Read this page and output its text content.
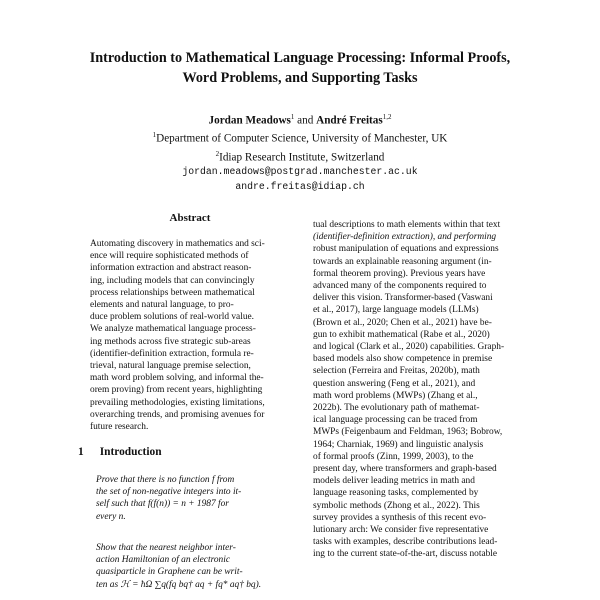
Introduction to Mathematical Language Processing: Informal Proofs,
Word Problems, and Supporting Tasks
Jordan Meadows$^1$ and André Freitas$^{1,2}$
$^1$Department of Computer Science, University of Manchester, UK
$^2$Idiap Research Institute, Switzerland
jordan.meadows@postgrad.manchester.ac.uk
andre.freitas@idiap.ch
Abstract
Automating discovery in mathematics and sci-
ence will require sophisticated methods of
information extraction and abstract reason-
ing, including models that can convincingly
process relationships between mathematical
elements and natural language, to pro-
duce problem solutions of real-world value.
We analyze mathematical language process-
ing methods across five strategic sub-areas
(identifier-definition extraction, formula re-
trieval, natural language premise selection,
math word problem solving, and informal the-
orem proving) from recent years, highlighting
prevailing methodologies, existing limitations,
overarching trends, and promising avenues for
future research.
1 Introduction
Prove that there is no function f from
the set of non-negative integers into it-
self such that f(f(n)) = n + 1987 for
every n.
Show that the nearest neighbor inter-
action Hamiltonian of an electronic
quasiparticle in Graphene can be writ-
ten as ℋ = ħΩ ∑q(fq bq† aq + fq* aq† bq).
tual descriptions to math elements within that text
(identifier-definition extraction), and performing
robust manipulation of equations and expressions
towards an explainable reasoning argument (in-
formal theorem proving). Previous years have
advanced many of the components required to
deliver this vision. Transformer-based (Vaswani
et al., 2017), large language models (LLMs)
(Brown et al., 2020; Chen et al., 2021) have be-
gun to exhibit mathematical (Rabe et al., 2020)
and logical (Clark et al., 2020) capabilities. Graph-
based models also show competence in premise
selection (Ferreira and Freitas, 2020b), math
question answering (Feng et al., 2021), and
math word problems (MWPs) (Zhang et al.,
2022b). The evolutionary path of mathemat-
ical language processing can be traced from
MWPs (Feigenbaum and Feldman, 1963; Bobrow,
1964; Charniak, 1969) and linguistic analysis
of formal proofs (Zinn, 1999, 2003), to the
present day, where transformers and graph-based
models deliver leading metrics in math and
language reasoning tasks, complemented by
symbolic methods (Zhong et al., 2022). This
survey provides a synthesis of this recent evo-
lutionary arch: We consider five representative
tasks with examples, describe contributions lead-
ing to the current state-of-the-art, discuss notable
